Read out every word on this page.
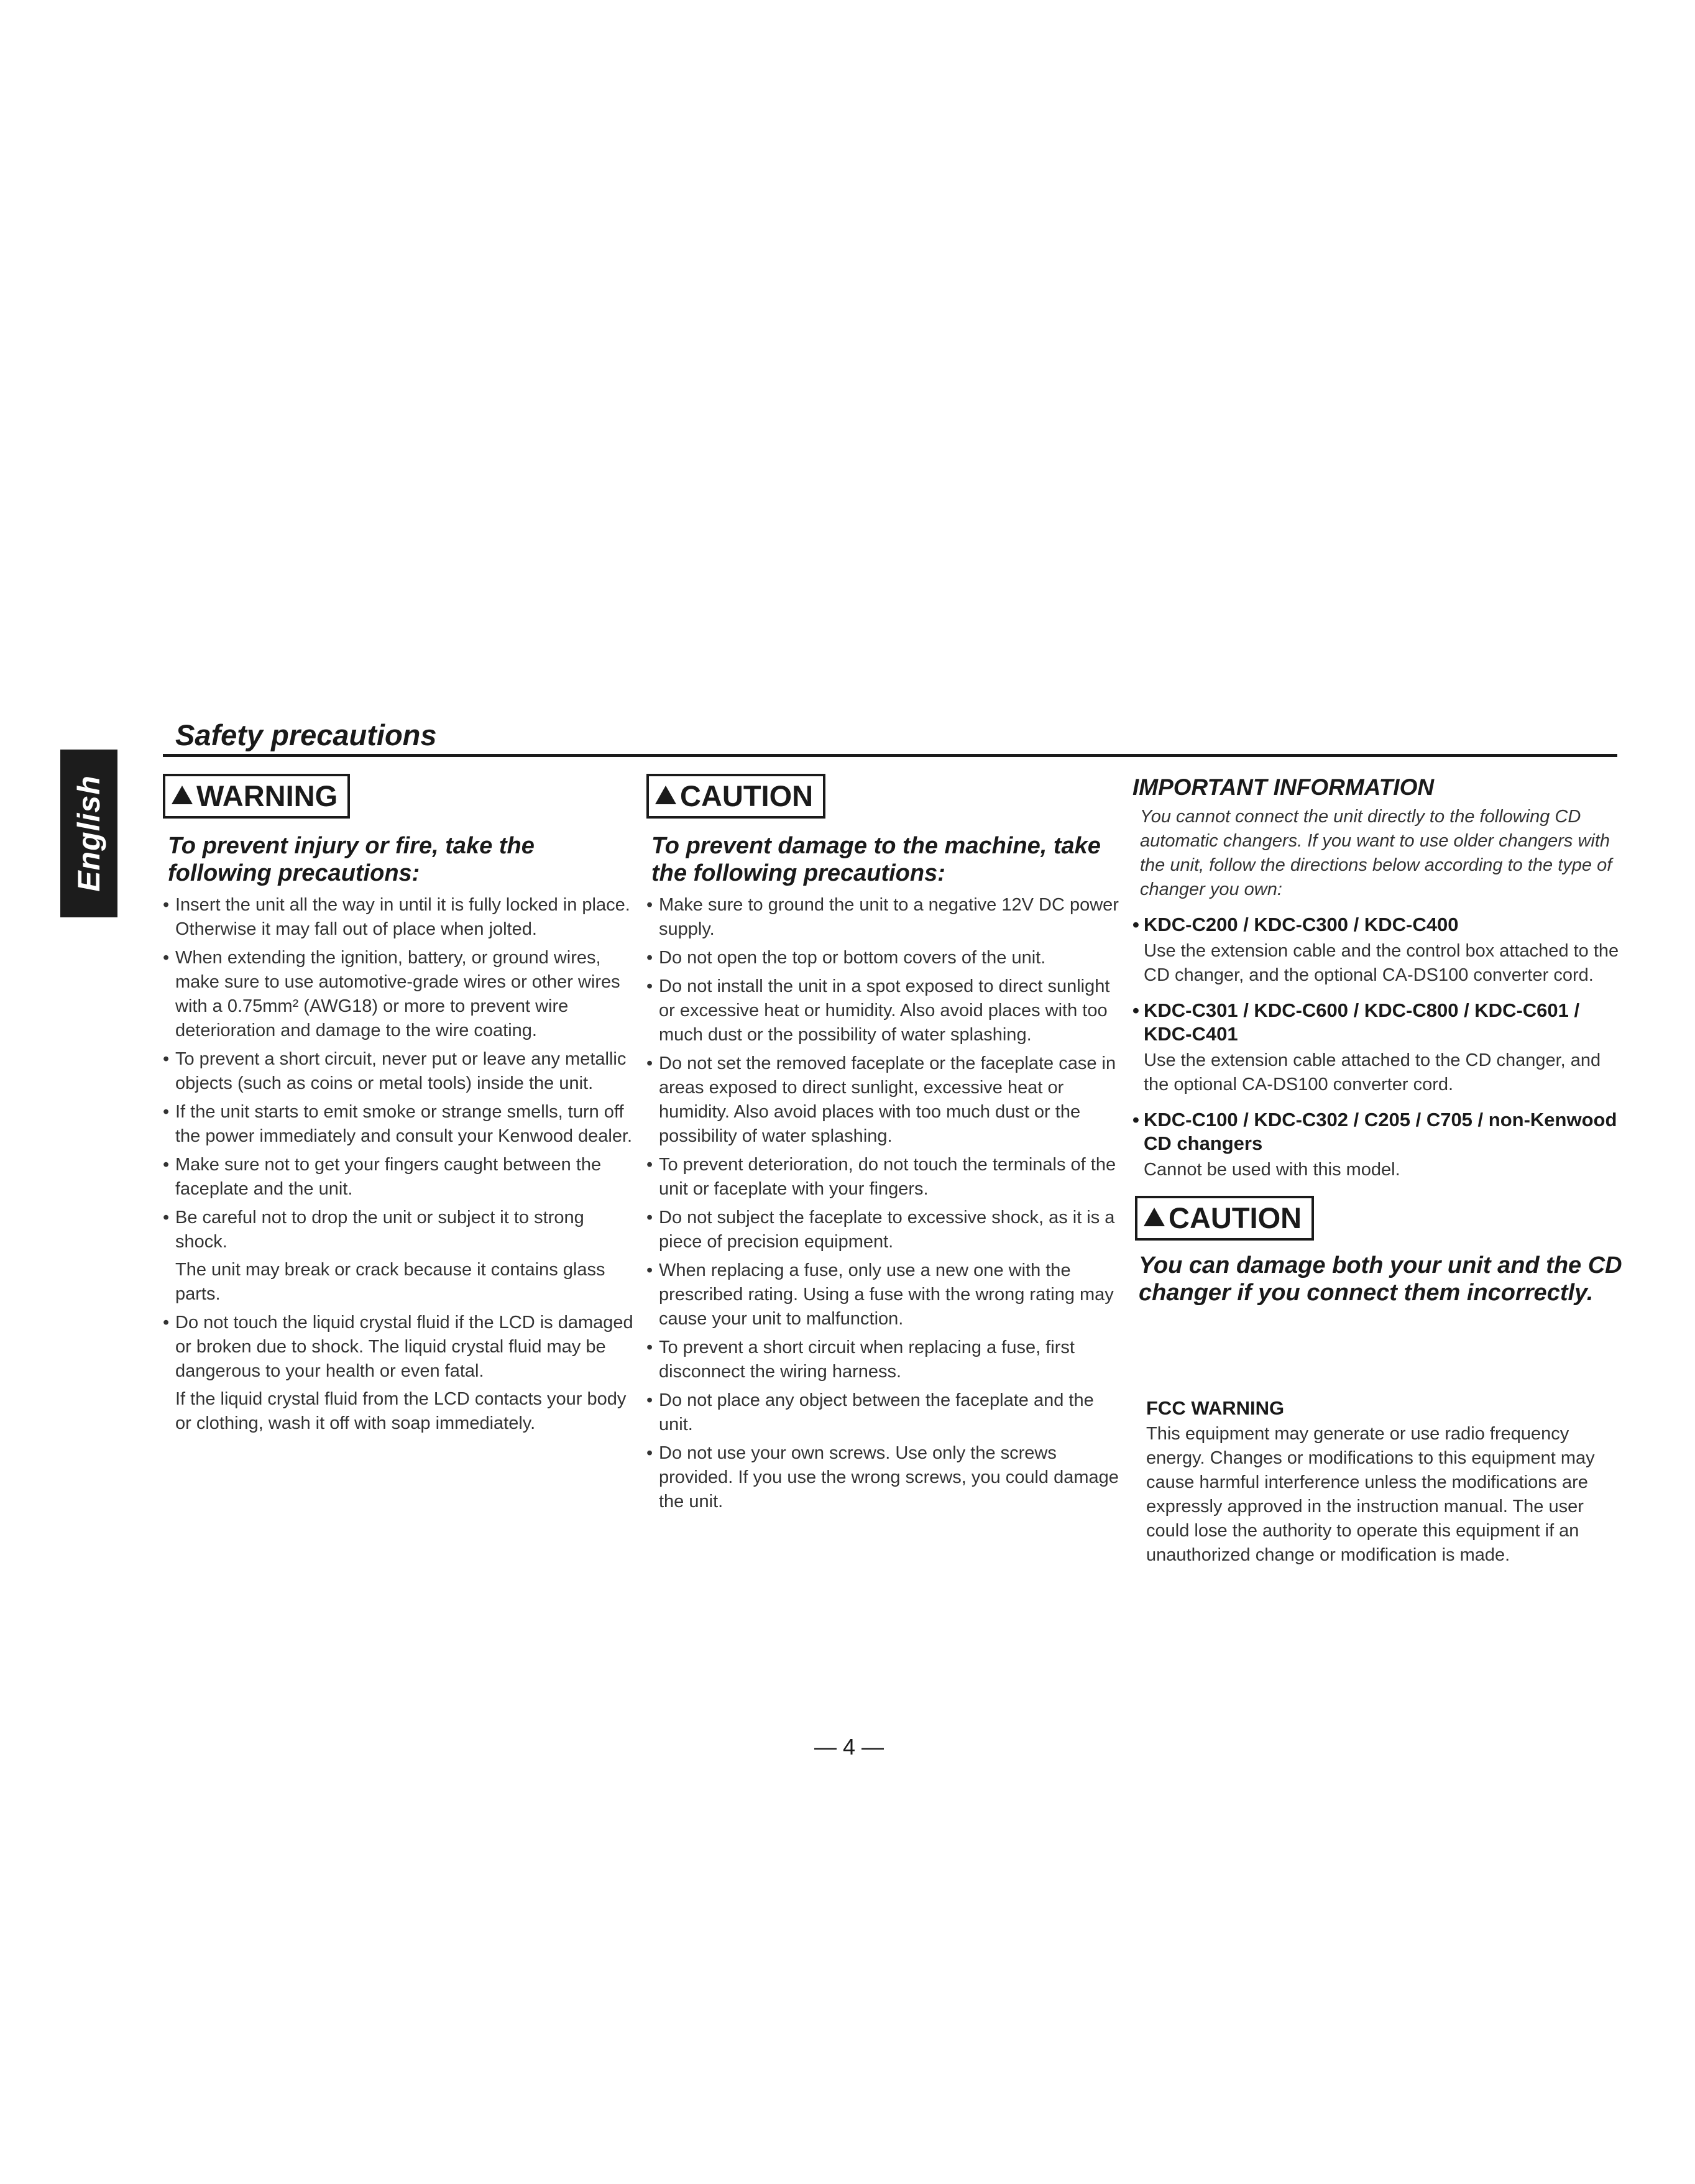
English
Safety precautions
WARNING
To prevent injury or fire, take the following precautions:
• Insert the unit all the way in until it is fully locked in place. Otherwise it may fall out of place when jolted.
• When extending the ignition, battery, or ground wires, make sure to use automotive-grade wires or other wires with a 0.75mm² (AWG18) or more to prevent wire deterioration and damage to the wire coating.
• To prevent a short circuit, never put or leave any metallic objects (such as coins or metal tools) inside the unit.
• If the unit starts to emit smoke or strange smells, turn off the power immediately and consult your Kenwood dealer.
• Make sure not to get your fingers caught between the faceplate and the unit.
• Be careful not to drop the unit or subject it to strong shock.
The unit may break or crack because it contains glass parts.
• Do not touch the liquid crystal fluid if the LCD is damaged or broken due to shock. The liquid crystal fluid may be dangerous to your health or even fatal.
If the liquid crystal fluid from the LCD contacts your body or clothing, wash it off with soap immediately.
CAUTION
To prevent damage to the machine, take the following precautions:
• Make sure to ground the unit to a negative 12V DC power supply.
• Do not open the top or bottom covers of the unit.
• Do not install the unit in a spot exposed to direct sunlight or excessive heat or humidity. Also avoid places with too much dust or the possibility of water splashing.
• Do not set the removed faceplate or the faceplate case in areas exposed to direct sunlight, excessive heat or humidity. Also avoid places with too much dust or the possibility of water splashing.
• To prevent deterioration, do not touch the terminals of the unit or faceplate with your fingers.
• Do not subject the faceplate to excessive shock, as it is a piece of precision equipment.
• When replacing a fuse, only use a new one with the prescribed rating. Using a fuse with the wrong rating may cause your unit to malfunction.
• To prevent a short circuit when replacing a fuse, first disconnect the wiring harness.
• Do not place any object between the faceplate and the unit.
• Do not use your own screws. Use only the screws provided. If you use the wrong screws, you could damage the unit.
IMPORTANT INFORMATION
You cannot connect the unit directly to the following CD automatic changers. If you want to use older changers with the unit, follow the directions below according to the type of changer you own:
• KDC-C200 / KDC-C300 / KDC-C400
Use the extension cable and the control box attached to the CD changer, and the optional CA-DS100 converter cord.
• KDC-C301 / KDC-C600 / KDC-C800 / KDC-C601 / KDC-C401
Use the extension cable attached to the CD changer, and the optional CA-DS100 converter cord.
• KDC-C100 / KDC-C302 / C205 / C705 / non-Kenwood CD changers
Cannot be used with this model.
CAUTION
You can damage both your unit and the CD changer if you connect them incorrectly.
FCC WARNING
This equipment may generate or use radio frequency energy. Changes or modifications to this equipment may cause harmful interference unless the modifications are expressly approved in the instruction manual. The user could lose the authority to operate this equipment if an unauthorized change or modification is made.
— 4 —
